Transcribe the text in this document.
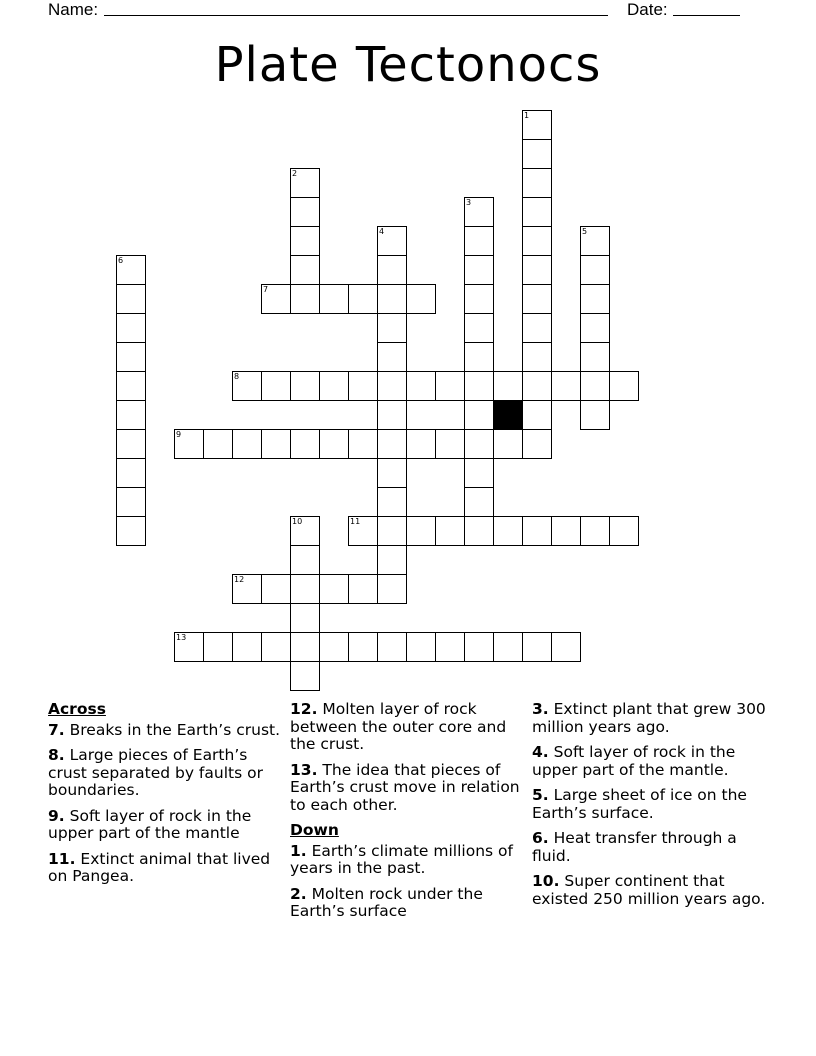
Name:	Date:
Plate Tectonocs
7
8
9
11
12
13
1
2
3
4	5
6
10
Across
7. Breaks in the Earth’s crust.
8. Large pieces of Earth’s crust separated by faults or boundaries.
9. Soft layer of rock in the upper part of the mantle
11. Extinct animal that lived on Pangea.
12. Molten layer of rock between the outer core and the crust.
13. The idea that pieces of Earth’s crust move in relation to each other.
Down
1. Earth’s climate millions of years in the past.
2. Molten rock under the Earth’s surface
3. Extinct plant that grew 300 million years ago.
4. Soft layer of rock in the upper part of the mantle.
5. Large sheet of ice on the Earth’s surface.
6. Heat transfer through a fluid.
10. Super continent that existed 250 million years ago.
